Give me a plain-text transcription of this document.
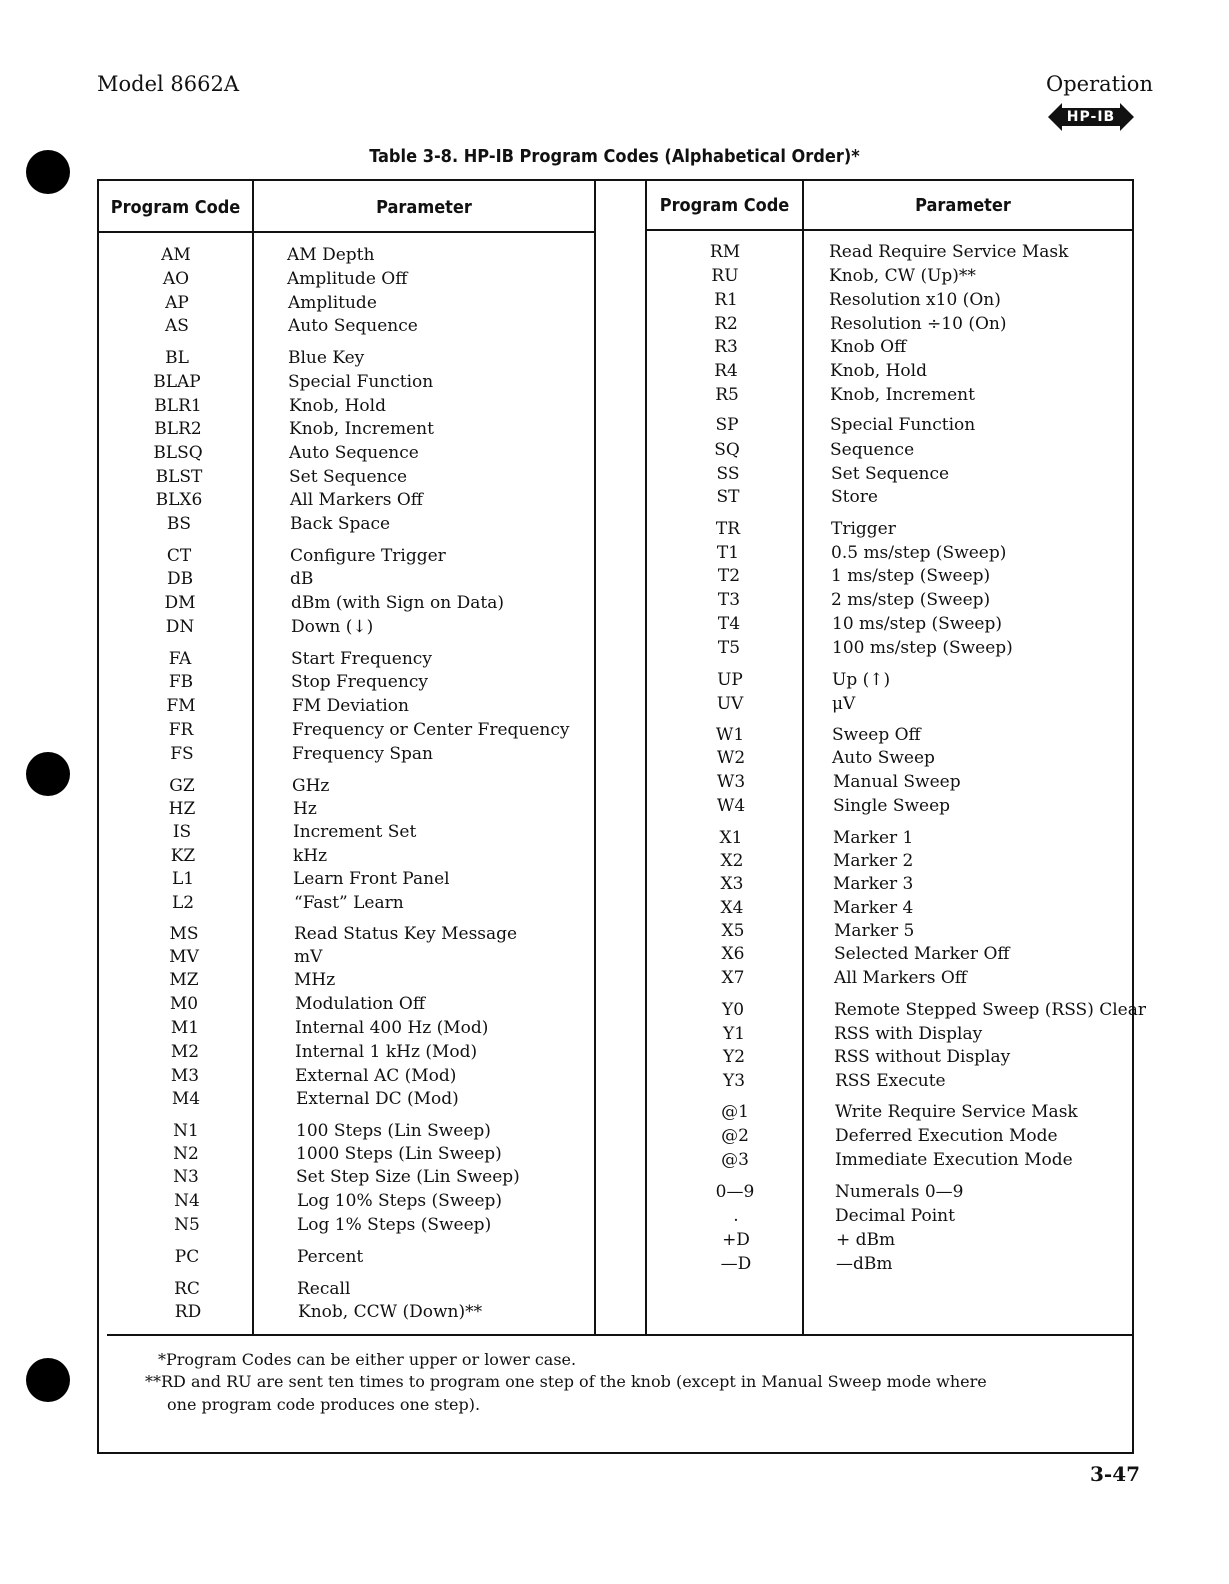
Model 8662A	Operation
HP-IB
Table 3-8. HP-IB Program Codes (Alphabetical Order)*
Program Code	Parameter	Program Code	Parameter
AM	AM Depth
AO	Amplitude Off
AP	Amplitude
AS	Auto Sequence
BL	Blue Key
BLAP	Special Function
BLR1	Knob, Hold
BLR2	Knob, Increment
BLSQ	Auto Sequence
BLST	Set Sequence
BLX6	All Markers Off
BS	Back Space
CT	Configure Trigger
DB	dB
DM	dBm (with Sign on Data)
DN	Down (↓)
FA	Start Frequency
FB	Stop Frequency
FM	FM Deviation
FR	Frequency or Center Frequency
FS	Frequency Span
GZ	GHz
HZ	Hz
IS	Increment Set
KZ	kHz
L1	Learn Front Panel
L2	“Fast” Learn
MS	Read Status Key Message
MV	mV
MZ	MHz
M0	Modulation Off
M1	Internal 400 Hz (Mod)
M2	Internal 1 kHz (Mod)
M3	External AC (Mod)
M4	External DC (Mod)
N1	100 Steps (Lin Sweep)
N2	1000 Steps (Lin Sweep)
N3	Set Step Size (Lin Sweep)
N4	Log 10% Steps (Sweep)
N5	Log 1% Steps (Sweep)
PC	Percent
RC	Recall
RD	Knob, CCW (Down)**
RM	Read Require Service Mask
RU	Knob, CW (Up)**
R1	Resolution x10 (On)
R2	Resolution ÷10 (On)
R3	Knob Off
R4	Knob, Hold
R5	Knob, Increment
SP	Special Function
SQ	Sequence
SS	Set Sequence
ST	Store
TR	Trigger
T1	0.5 ms/step (Sweep)
T2	1 ms/step (Sweep)
T3	2 ms/step (Sweep)
T4	10 ms/step (Sweep)
T5	100 ms/step (Sweep)
UP	Up (↑)
UV	μV
W1	Sweep Off
W2	Auto Sweep
W3	Manual Sweep
W4	Single Sweep
X1	Marker 1
X2	Marker 2
X3	Marker 3
X4	Marker 4
X5	Marker 5
X6	Selected Marker Off
X7	All Markers Off
Y0	Remote Stepped Sweep (RSS) Clear
Y1	RSS with Display
Y2	RSS without Display
Y3	RSS Execute
@1	Write Require Service Mask
@2	Deferred Execution Mode
@3	Immediate Execution Mode
0—9	Numerals 0—9
.	Decimal Point
+D	+ dBm
—D	—dBm
*Program Codes can be either upper or lower case.
**RD and RU are sent ten times to program one step of the knob (except in Manual Sweep mode where
one program code produces one step).
3-47
